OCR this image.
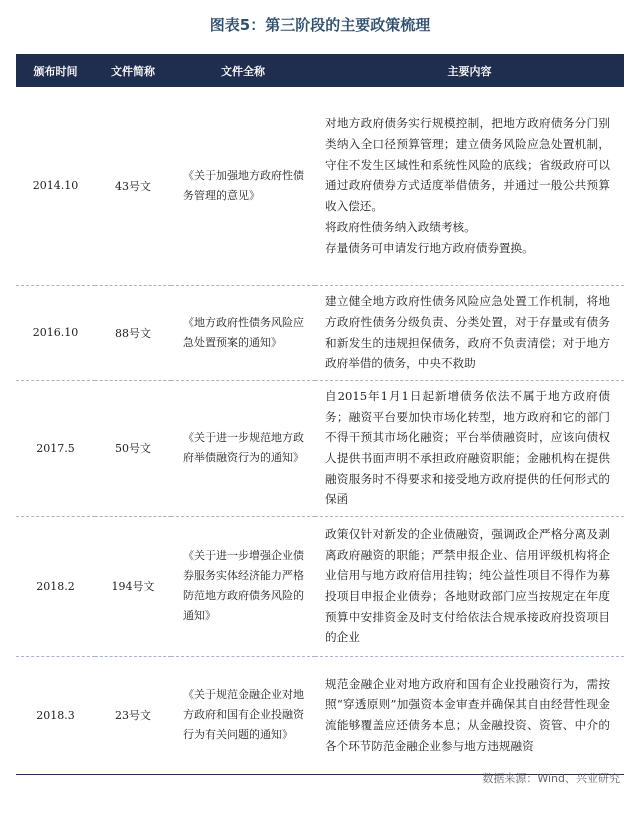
图表5：第三阶段的主要政策梳理
颁布时间	文件简称	文件全称	主要内容
2014.10	43号文	《关于加强地方政府性债务管理的意见》	对地方政府债务实行规模控制，把地方政府债务分门别类纳入全口径预算管理；建立债务风险应急处置机制，守住不发生区域性和系统性风险的底线；省级政府可以通过政府债券方式适度举借债务，并通过一般公共预算收入偿还。
将政府性债务纳入政绩考核。
存量债务可申请发行地方政府债券置换。

2016.10	88号文	《地方政府性债务风险应急处置预案的通知》	建立健全地方政府性债务风险应急处置工作机制，将地方政府性债务分级负责、分类处置，对于存量或有债务和新发生的违规担保债务，政府不负责清偿；对于地方政府举借的债务，中央不救助

2017.5	50号文	《关于进一步规范地方政府举债融资行为的通知》	自2015年1月1日起新增债务依法不属于地方政府债务；融资平台要加快市场化转型，地方政府和它的部门不得干预其市场化融资；平台举债融资时，应该向债权人提供书面声明不承担政府融资职能；金融机构在提供融资服务时不得要求和接受地方政府提供的任何形式的保函

2018.2	194号文	《关于进一步增强企业债券服务实体经济能力严格防范地方政府债务风险的通知》	政策仅针对新发的企业债融资，强调政企严格分离及剥离政府融资的职能；严禁申报企业、信用评级机构将企业信用与地方政府信用挂钩；纯公益性项目不得作为募投项目申报企业债券；各地财政部门应当按规定在年度预算中安排资金及时支付给依法合规承接政府投资项目的企业

2018.3	23号文	《关于规范金融企业对地方政府和国有企业投融资行为有关问题的通知》	规范金融企业对地方政府和国有企业投融资行为，需按照“穿透原则”加强资本金审查并确保其自由经营性现金流能够覆盖应还债务本息；从金融投资、资管、中介的各个环节防范金融企业参与地方违规融资
数据来源：Wind、兴业研究
